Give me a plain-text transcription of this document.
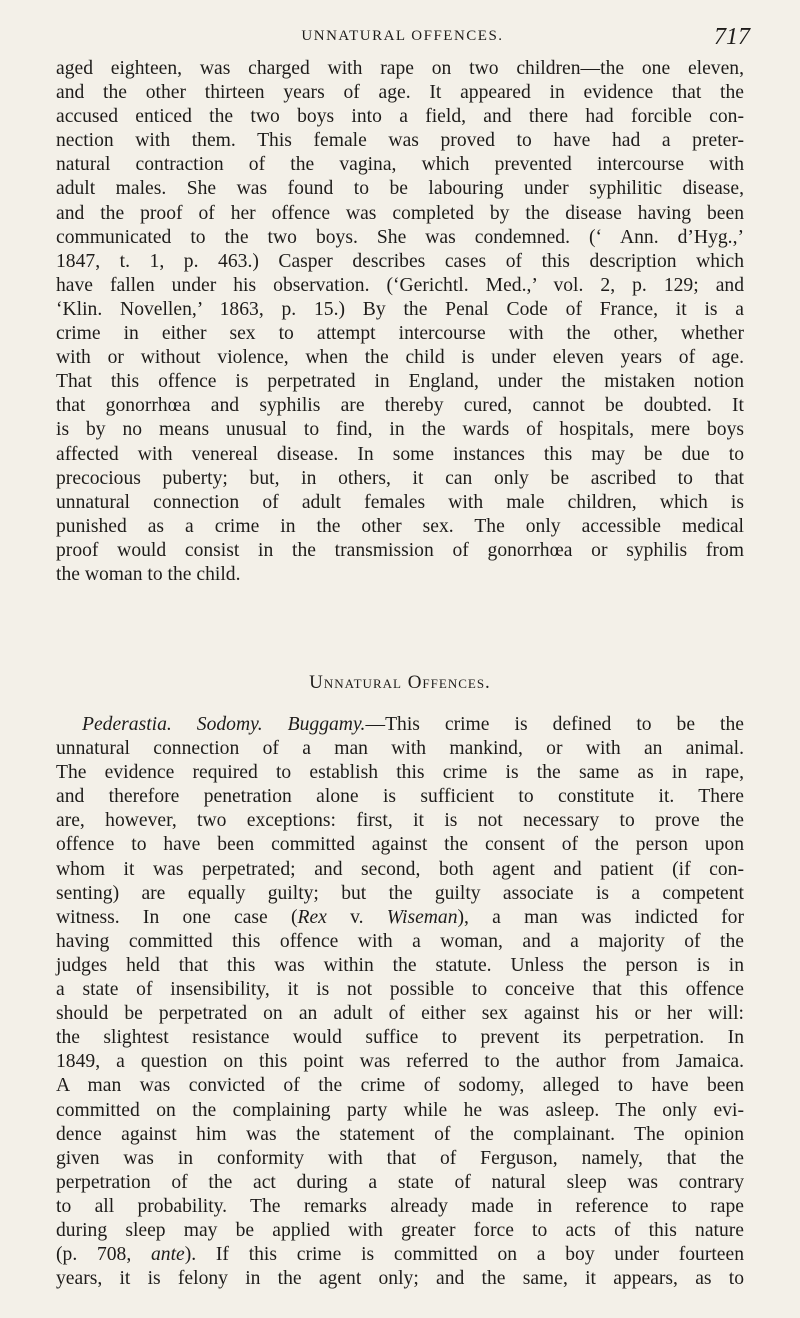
UNNATURAL OFFENCES.	717
aged eighteen, was charged with rape on two children—the one eleven,
and the other thirteen years of age. It appeared in evidence that the
accused enticed the two boys into a field, and there had forcible con-
nection with them. This female was proved to have had a preter-
natural contraction of the vagina, which prevented intercourse with
adult males. She was found to be labouring under syphilitic disease,
and the proof of her offence was completed by the disease having been
communicated to the two boys. She was condemned. (‘ Ann. d’Hyg.,’
1847, t. 1, p. 463.) Casper describes cases of this description which
have fallen under his observation. (‘Gerichtl. Med.,’ vol. 2, p. 129; and
‘Klin. Novellen,’ 1863, p. 15.) By the Penal Code of France, it is a
crime in either sex to attempt intercourse with the other, whether
with or without violence, when the child is under eleven years of age.
That this offence is perpetrated in England, under the mistaken notion
that gonorrhœa and syphilis are thereby cured, cannot be doubted. It
is by no means unusual to find, in the wards of hospitals, mere boys
affected with venereal disease. In some instances this may be due to
precocious puberty; but, in others, it can only be ascribed to that
unnatural connection of adult females with male children, which is
punished as a crime in the other sex. The only accessible medical
proof would consist in the transmission of gonorrhœa or syphilis from
the woman to the child.
Unnatural Offences.
Pederastia. Sodomy. Buggamy.—This crime is defined to be the
unnatural connection of a man with mankind, or with an animal.
The evidence required to establish this crime is the same as in rape,
and therefore penetration alone is sufficient to constitute it. There
are, however, two exceptions: first, it is not necessary to prove the
offence to have been committed against the consent of the person upon
whom it was perpetrated; and second, both agent and patient (if con-
senting) are equally guilty; but the guilty associate is a competent
witness. In one case (Rex v. Wiseman), a man was indicted for
having committed this offence with a woman, and a majority of the
judges held that this was within the statute. Unless the person is in
a state of insensibility, it is not possible to conceive that this offence
should be perpetrated on an adult of either sex against his or her will:
the slightest resistance would suffice to prevent its perpetration. In
1849, a question on this point was referred to the author from Jamaica.
A man was convicted of the crime of sodomy, alleged to have been
committed on the complaining party while he was asleep. The only evi-
dence against him was the statement of the complainant. The opinion
given was in conformity with that of Ferguson, namely, that the
perpetration of the act during a state of natural sleep was contrary
to all probability. The remarks already made in reference to rape
during sleep may be applied with greater force to acts of this nature
(p. 708, ante). If this crime is committed on a boy under fourteen
years, it is felony in the agent only; and the same, it appears, as to
